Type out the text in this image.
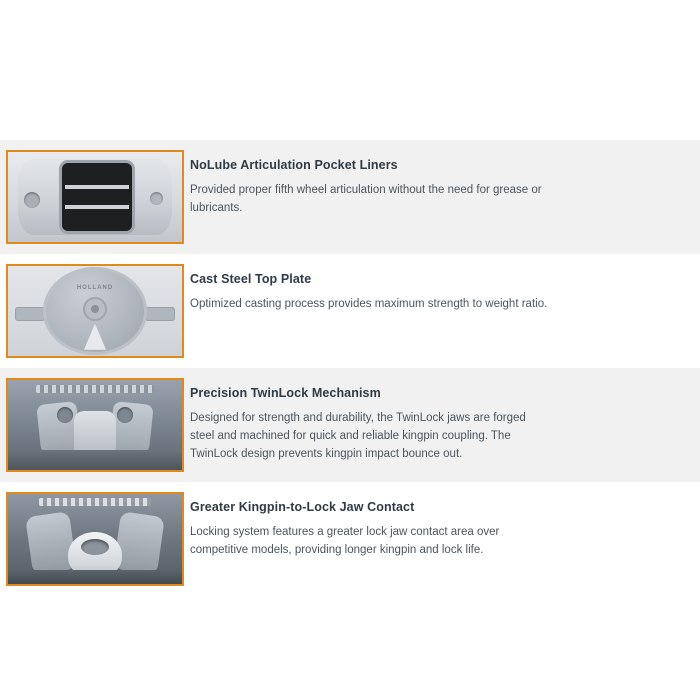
NoLube Articulation Pocket Liners

Provided proper fifth wheel articulation without the need for grease or lubricants.

HOLLAND

Cast Steel Top Plate

Optimized casting process provides maximum strength to weight ratio.

Precision TwinLock Mechanism

Designed for strength and durability, the TwinLock jaws are forged steel and machined for quick and reliable kingpin coupling. The TwinLock design prevents kingpin impact bounce out.

Greater Kingpin-to-Lock Jaw Contact

Locking system features a greater lock jaw contact area over competitive models, providing longer kingpin and lock life.
